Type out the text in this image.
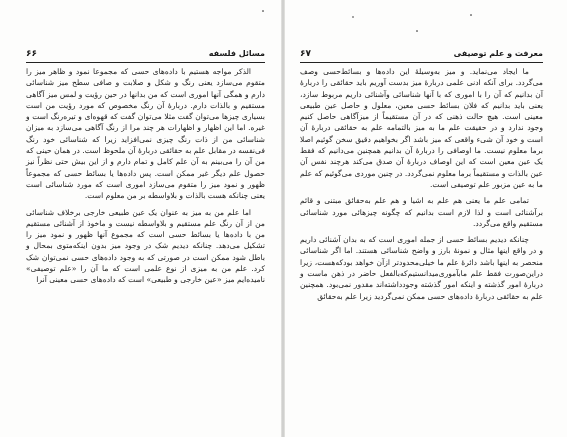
۶۶	مسائل فلسفه

الذکر مواجه هستیم با داده‌های حسی که مجموعا نمود و ظاهر میز را متقوم می‌سازد یعنی رنگ و شکل و صلابت و صافی سطح میز شناسائی دارم و همگی آنها اموری است که من بدانها در حین رؤیت و لمس میز آگاهی مستقیم و بالذات دارم. دربارهٔ آن رنگ مخصوص که مورد رؤیت من است بسیاری چیزها می‌توان گفت مثلا می‌توان گفت که قهوه‌ای و تیره‌رنگ است و غیره. اما این اظهار و اظهارات هر چند مرا از رنگ آگاهی می‌سازد به میزان شناسائی من از ذات رنگ چیزی نمی‌افزاید زیرا که شناسائی خود رنگ فی‌نفسه در مقابل علم به حقائقی دربارهٔ آن ملحوظ است. در همان حینی که من آن را می‌بینم به آن علم کامل و تمام دارم و از این بیش حتی نظراً نیز حصول علم دیگر غیر ممکن است. پس داده‌ها یا بسائط حسی که مجموعاً ظهور و نمود میز را متقوم می‌سازد اموری است که مورد شناسائی است یعنی چنانکه هست بالذات و بلاواسطه بر من معلوم است.

اما علم من به میز به عنوان یک عین طبیعی خارجی برخلاف شناسائی من از آن رنگ علم مستقیم و بلاواسطه نیست و ماخوذ از آشنائی مستقیم من با داده‌ها یا بسائط حسی است که مجموع آنها ظهور و نمود میز را تشکیل می‌دهد. چنانکه دیدیم شک در وجود میز بدون اینکه‌متوی ‌بمحال و باطل شود ممکن است در صورتی که به وجود داده‌های حسی نمی‌توان شک کرد. علم من به میزی از نوع علمی است که ما آن را «علم توصیفی» نامیده‌ایم میز «عین خارجی و طبیعی» است که داده‌های حسی معینی آنرا

۶۷	معرفت و علم توصیفی

ما ایجاد می‌نماید. و میز به‌وسیلهٔ این داده‌ها و بسائط‌حسی وصف می‌گردد. برای آنکه ادنی علمی دربارهٔ میز بدست آوریم باید حقائقی را دربارهٔ آن بدانیم که آن را با اموری که با آنها شناسائی و‌آشنائی داریم مربوط سازد، یعنی باید بدانیم که فلان بسائط حسی معین، معلول و حاصل عین طبیعی معینی است. هیچ حالت ذهنی که در آن مستقیماً از میزآگاهی حاصل کنیم وجود ندارد و در حقیقت علم ما به میز بالتمامه علم به حقائقی دربارهٔ آن است و خود آن شیء واقعی که میز باشد اگر بخواهیم دقیق سخن گوئیم اصلا برما معلوم نیست. ما اوصافی را دربارهٔ آن بدانیم همچنین می‌دانیم که فقط یک عین معین است که این اوصاف دربارهٔ آن صدق می‌کند هرچند نفس آن عین بالذات و مستقیماً برما معلوم نمی‌گردد. در چنین موردی می‌گوئیم که علم ما به عین مزبور علم توصیفی است.

تمامی علم ما یعنی هم علم به اشیا و هم علم به‌حقائق مبتنی و قائم برآشنائی است و لذا لازم است بدانیم که چگونه چیزهائی مورد شناسائی مستقیم واقع می‌گردد.

چنانکه دیدیم بسائط حسی از جمله اموری است که به بدان آشنائی داریم و در واقع اینها مثال و نمونهٔ بارز و واضح شناسائی هستند. اما اگر شناسائی منحصر به اینها باشد دائرهٔ علم ما خیلی‌محدودتر ازآن خواهد بود‌که‌هست، زیرا دراین‌صورت فقط علم ما‌بآموری‌میدانستیم‌که‌بالفعل حاضر در ذهن ماست و دربارهٔ امور گذشته و اینکه امور گذشته وجودداشته‌اند مقدور نمی‌بود. همچنین علم به حقائقی دربارهٔ داده‌های حسی ممکن نمی‌گردید زیرا علم به‌حقائق
